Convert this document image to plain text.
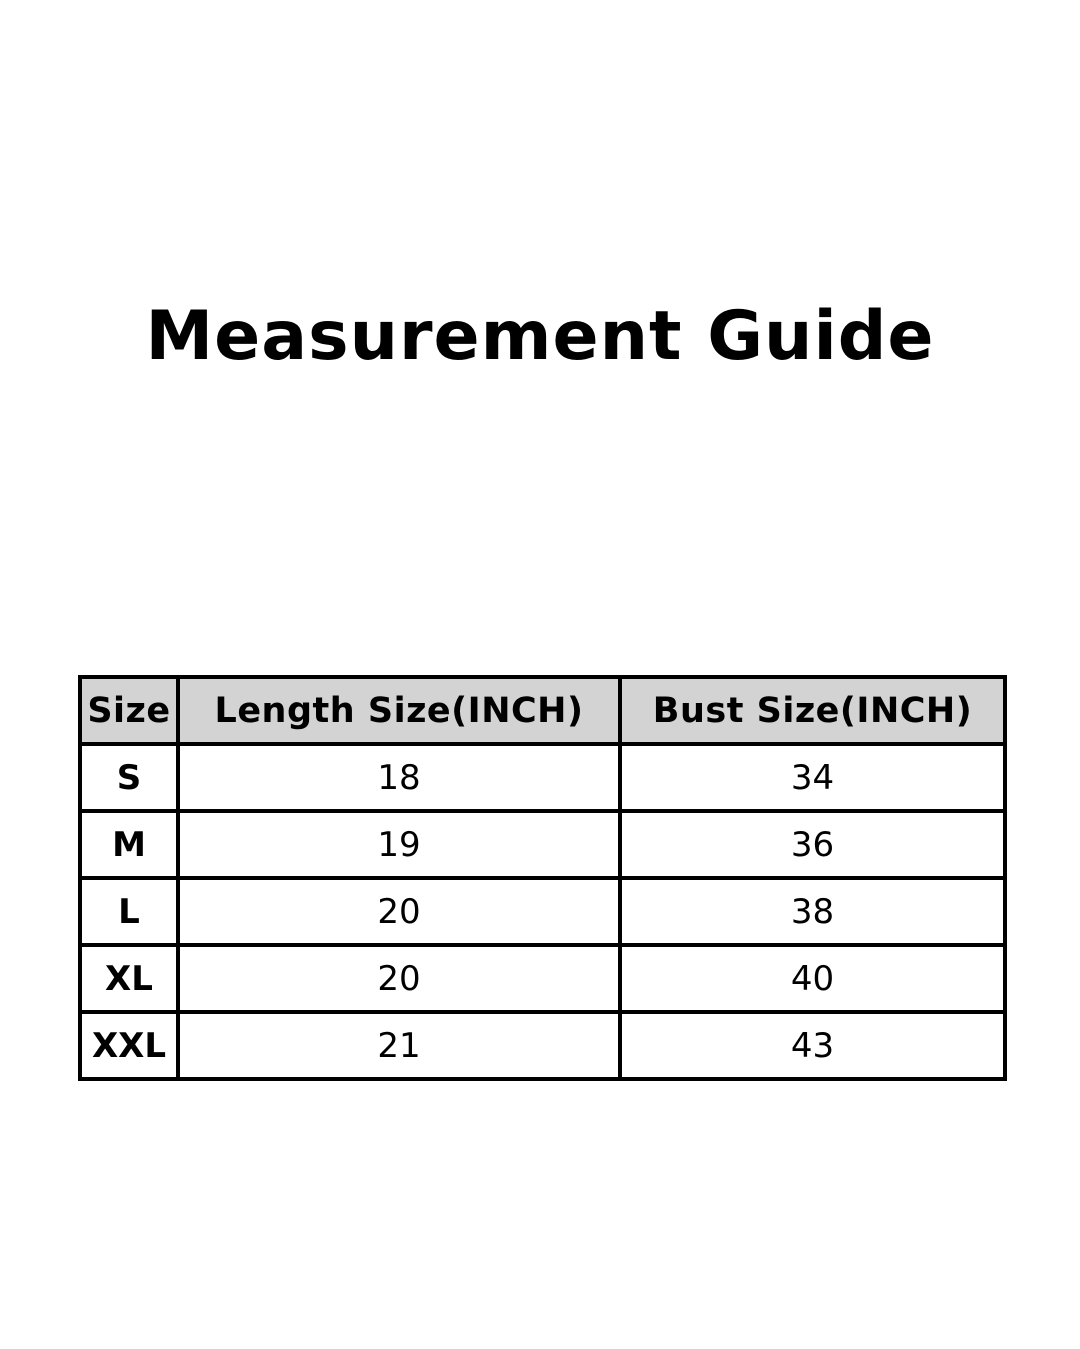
Measurement Guide
Size	Length Size(INCH)	Bust Size(INCH)
S	18	34
M	19	36
L	20	38
XL	20	40
XXL	21	43
